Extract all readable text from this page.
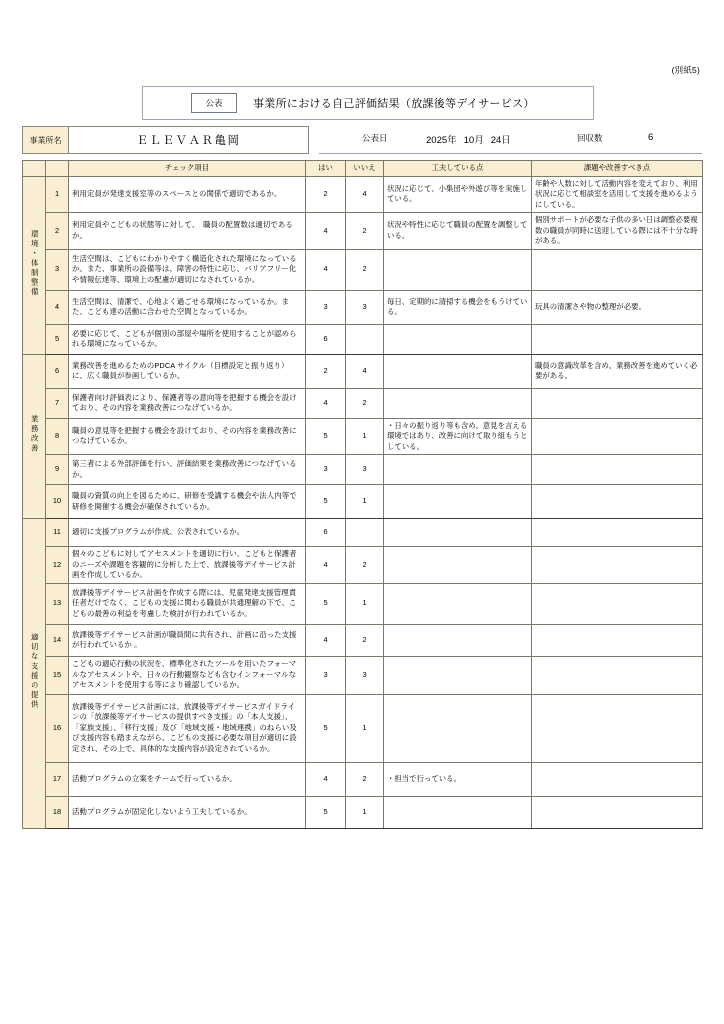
(別紙5)
公表	事業所における自己評価結果（放課後等デイサービス）
事業所名	ＥＬＥＶＡＲ亀岡	公表日	2025年 10月 24日	回収数	6
		チェック項目	はい	いいえ	工夫している点	課題や改善すべき点
環境・体制整備	1	利用定員が発達支援室等のスペースとの関係で適切であるか。	2	4	状況に応じて、小集団や外遊び等を実施している。	年齢や人数に対して活動内容を変えており、利用状況に応じて相談室を活用して支援を進めるようにしている。
	2	利用定員やこどもの状態等に対して、　職員の配置数は適切であるか。	4	2	状況や特性に応じて職員の配置を調整している。	個別サポートが必要な子供の多い日は調整必要複数の職員が同時に送迎している際には不十分な時がある。
	3	生活空間は、こどもにわかりやすく構造化された環境になっているか。また、事業所の設備等は、障害の特性に応じ、バリアフリー化や情報伝達等、環境上の配慮が適切になされているか。	4	2		
	4	生活空間は、清潔で、心地よく過ごせる環境になっているか。また、こども達の活動に合わせた空間となっているか。	3	3	毎日、定期的に清掃する機会をもうけている。	玩具の清潔さや物の整理が必要。
	5	必要に応じて、こどもが個別の部屋や場所を使用することが認められる環境になっているか。	6			
業務改善	6	業務改善を進めるためのPDCA サイクル（目標設定と振り返り）に、広く職員が参画しているか。	2	4		職員の意識改革を含め、業務改善を進めていく必要がある。
	7	保護者向け評価表により、保護者等の意向等を把握する機会を設けており、その内容を業務改善につなげているか。	4	2		
	8	職員の意見等を把握する機会を設けており、その内容を業務改善につなげているか。	5	1	・日々の振り返り等も含め、意見を言える環境ではあり、改善に向けて取り組もうとしている。	
	9	第三者による外部評価を行い、評価結果を業務改善につなげているか。	3	3		
	10	職員の資質の向上を図るために、研修を受講する機会や法人内等で研修を開催する機会が確保されているか。	5	1		
適切な支援の提供	11	適切に支援プログラムが作成、公表されているか。	6			
	12	個々のこどもに対してアセスメントを適切に行い、こどもと保護者のニーズや課題を客観的に分析した上で、放課後等デイサービス計画を作成しているか。	4	2		
	13	放課後等デイサービス計画を作成する際には、児童発達支援管理責任者だけでなく、こどもの支援に関わる職員が共通理解の下で、こどもの最善の利益を考慮した検討が行われているか。	5	1		
	14	放課後等デイサービス計画が職員間に共有され、計画に沿った支援が行われているか 。	4	2		
	15	こどもの適応行動の状況を、標準化されたツールを用いたフォーマルなアセスメントや、日々の行動観察なども含むインフォーマルなアセスメントを使用する等により確認しているか。	3	3		
	16	放課後等デイサービス計画には、放課後等デイサービスガイドラインの「放課後等デイサービスの提供すべき支援」の「本人支援」、「家族支援」、「移行支援」及び「地域支援・地域連携」のねらい及び支援内容も踏まえながら、こどもの支援に必要な項目が適切に設定され、その上で、具体的な支援内容が設定されているか。	5	1		
	17	活動プログラムの立案をチームで行っているか。	4	2	・担当で行っている。	
	18	活動プログラムが固定化しないよう工夫しているか。	5	1		
